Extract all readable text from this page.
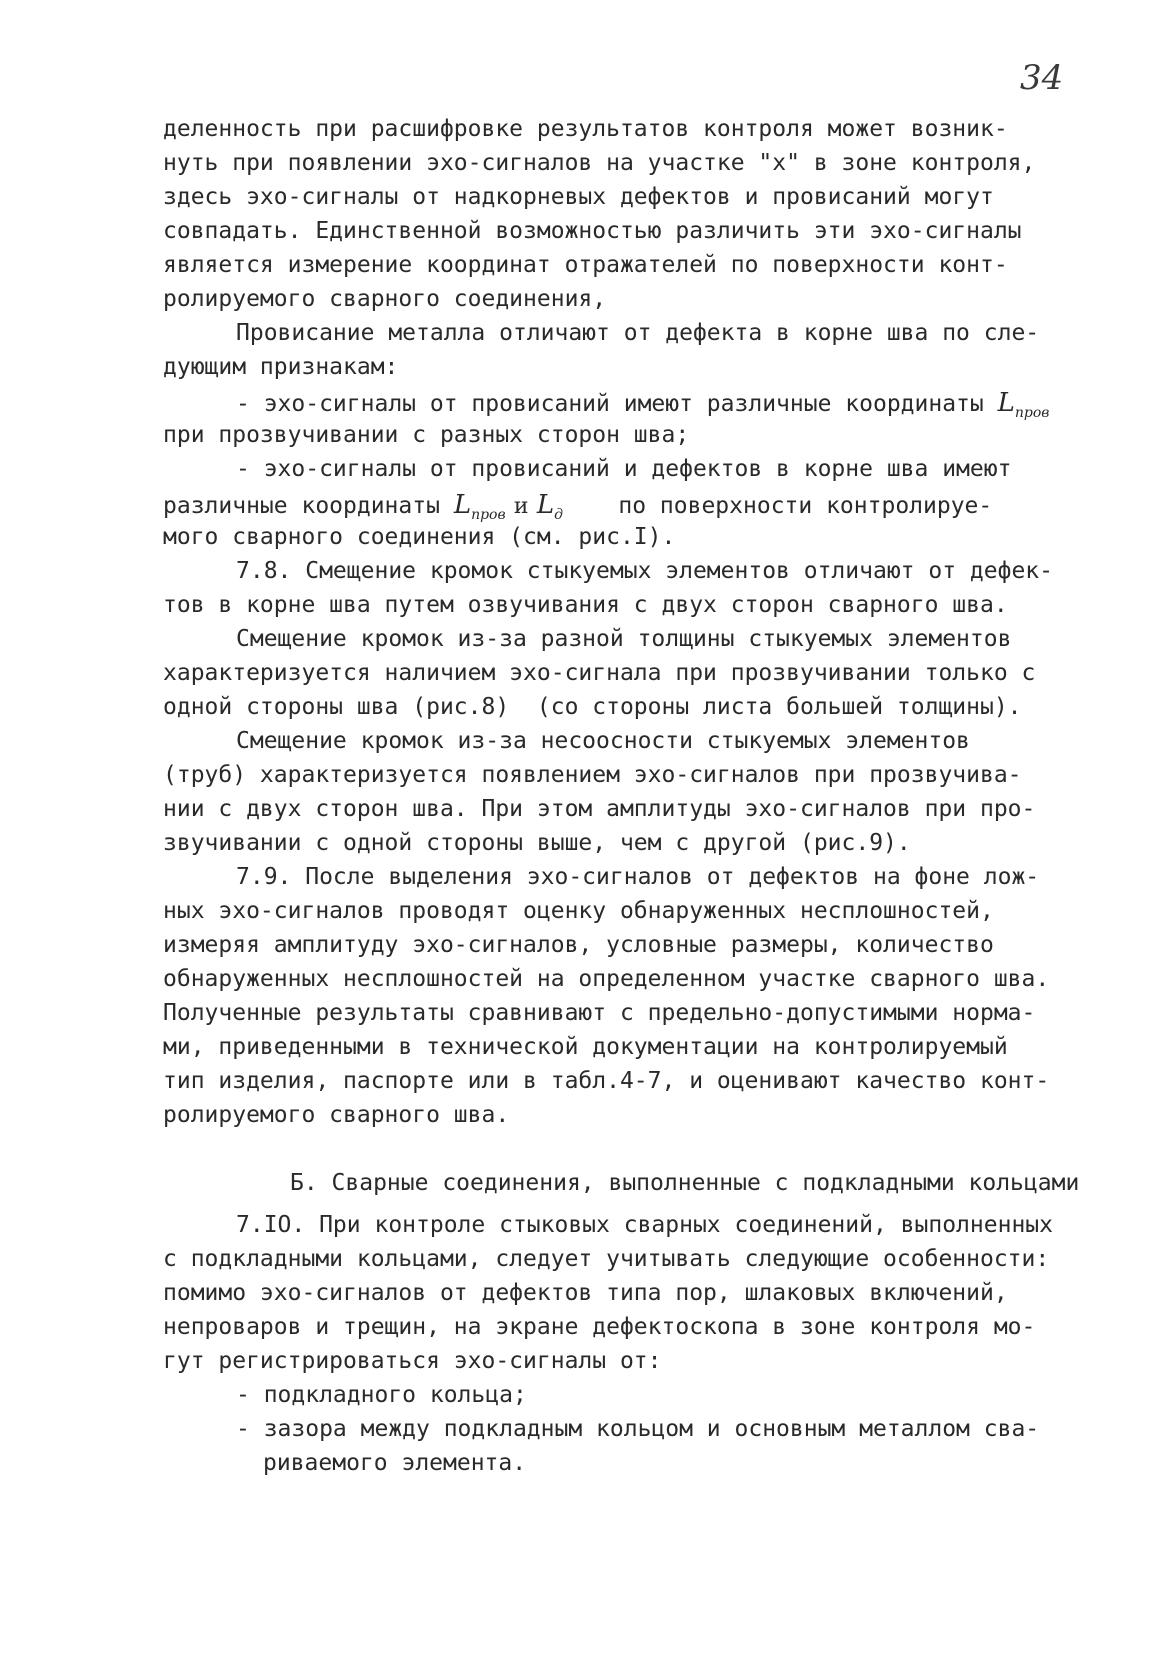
34
деленность при расшифровке результатов контроля может возник-
нуть при появлении эхо-сигналов на участке "x" в зоне контроля,
здесь эхо-сигналы от надкорневых дефектов и провисаний могут
совпадать. Единственной возможностью различить эти эхо-сигналы
является измерение координат отражателей по поверхности конт-
ролируемого сварного соединения,
Провисание металла отличают от дефекта в корне шва по сле-
дующим признакам:
- эхо-сигналы от провисаний имеют различные координаты $L_{пров}$
при прозвучивании с разных сторон шва;
- эхо-сигналы от провисаний и дефектов в корне шва имеют
различные координаты $L_{пров}$ и $L_д$ по поверхности контролируе-
мого сварного соединения (см. рис.I).
7.8. Смещение кромок стыкуемых элементов отличают от дефек-
тов в корне шва путем озвучивания с двух сторон сварного шва.
Смещение кромок из-за разной толщины стыкуемых элементов
характеризуется наличием эхо-сигнала при прозвучивании только с
одной стороны шва (рис.8)  (со стороны листа большей толщины).
Смещение кромок из-за несоосности стыкуемых элементов
(труб) характеризуется появлением эхо-сигналов при прозвучива-
нии с двух сторон шва. При этом амплитуды эхо-сигналов при про-
звучивании с одной стороны выше, чем с другой (рис.9).
7.9. После выделения эхо-сигналов от дефектов на фоне лож-
ных эхо-сигналов проводят оценку обнаруженных несплошностей,
измеряя амплитуду эхо-сигналов, условные размеры, количество
обнаруженных несплошностей на определенном участке сварного шва.
Полученные результаты сравнивают с предельно-допустимыми норма-
ми, приведенными в технической документации на контролируемый
тип изделия, паспорте или в табл.4-7, и оценивают качество конт-
ролируемого сварного шва.
Б. Сварные соединения, выполненные с подкладными кольцами
7.IO. При контроле стыковых сварных соединений, выполненных
с подкладными кольцами, следует учитывать следующие особенности:
помимо эхо-сигналов от дефектов типа пор, шлаковых включений,
непроваров и трещин, на экране дефектоскопа в зоне контроля мо-
гут регистрироваться эхо-сигналы от:
- подкладного кольца;
- зазора между подкладным кольцом и основным металлом сва-
риваемого элемента.
